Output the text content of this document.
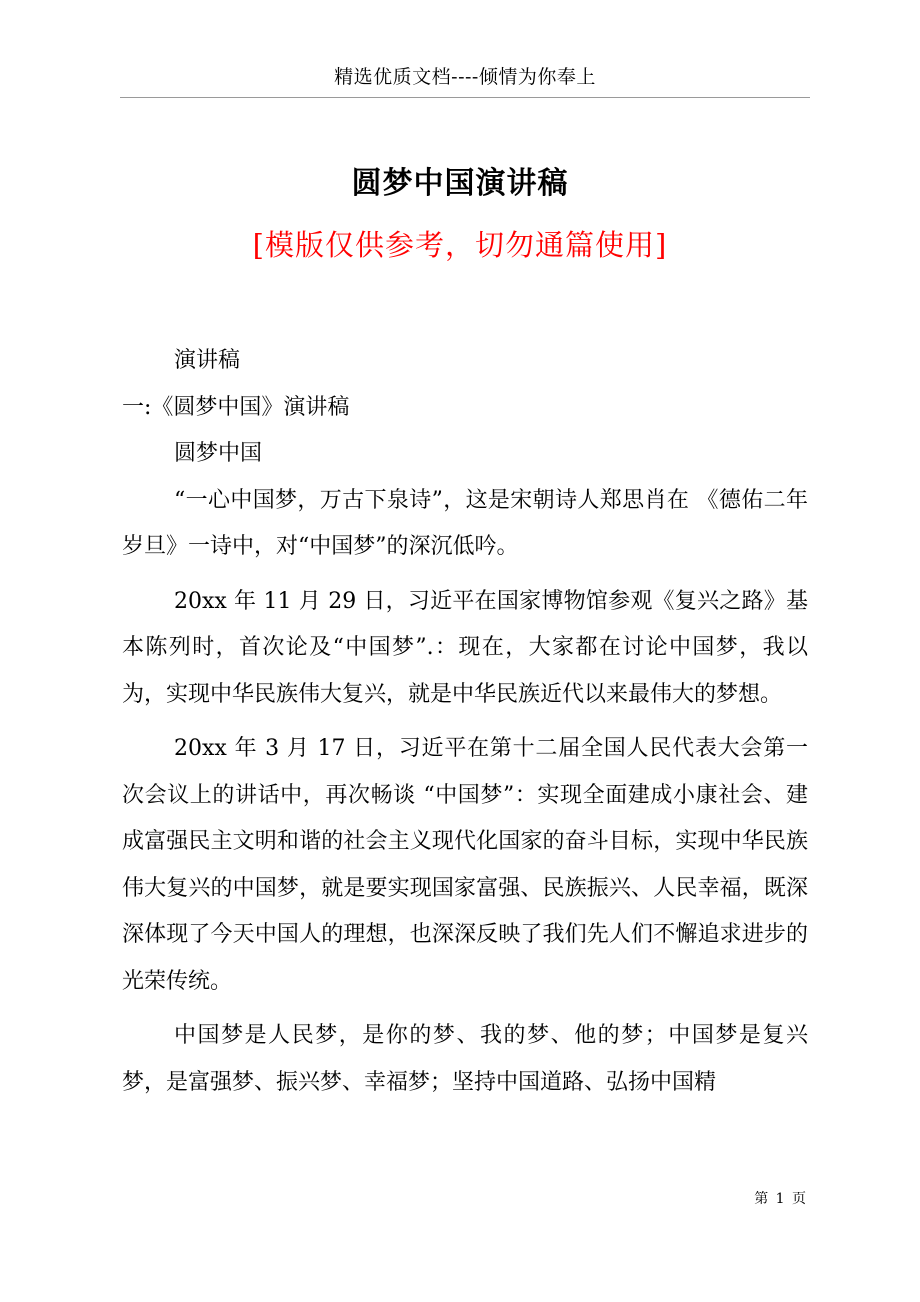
精选优质文档----倾情为你奉上
圆梦中国演讲稿
[模版仅供参考，切勿通篇使用]

演讲稿

一:《圆梦中国》演讲稿

圆梦中国

“一心中国梦，万古下泉诗”，这是宋朝诗人郑思肖在 《德佑二年岁旦》一诗中，对“中国梦”的深沉低吟。

20xx 年 11 月 29 日，习近平在国家博物馆参观《复兴之路》基本陈列时，首次论及“中国梦”.：现在，大家都在讨论中国梦，我以为，实现中华民族伟大复兴，就是中华民族近代以来最伟大的梦想。

20xx 年 3 月 17 日，习近平在第十二届全国人民代表大会第一次会议上的讲话中，再次畅谈 “中国梦”：实现全面建成小康社会、建成富强民主文明和谐的社会主义现代化国家的奋斗目标，实现中华民族伟大复兴的中国梦，就是要实现国家富强、民族振兴、人民幸福，既深深体现了今天中国人的理想，也深深反映了我们先人们不懈追求进步的光荣传统。

中国梦是人民梦，是你的梦、我的梦、他的梦；中国梦是复兴梦，是富强梦、振兴梦、幸福梦；坚持中国道路、弘扬中国精

第 1 页
